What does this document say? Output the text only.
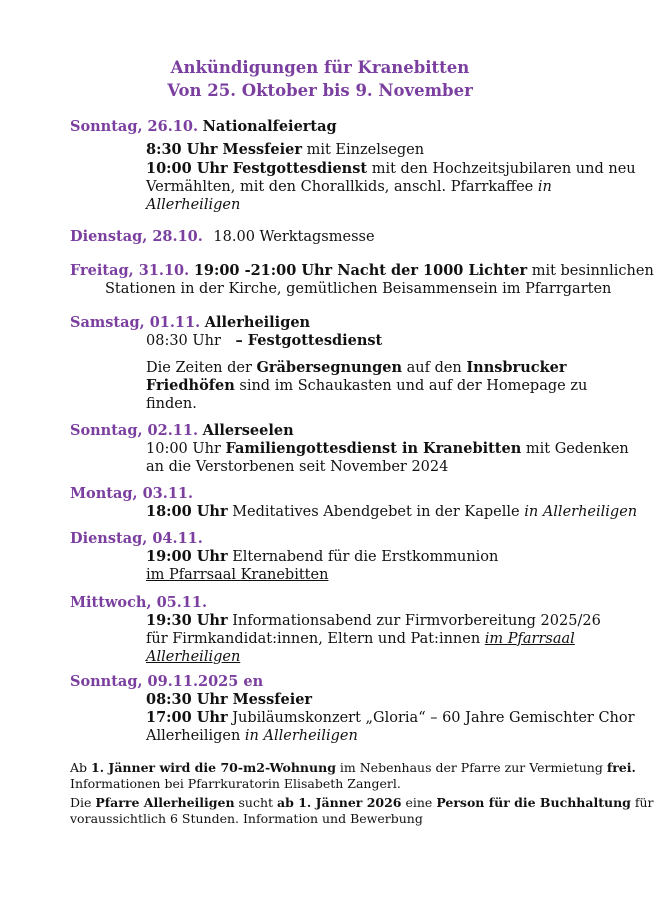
Ankündigungen für Kranebitten
Von 25. Oktober bis 9. November
Sonntag, 26.10. Nationalfeiertag
8:30 Uhr Messfeier mit Einzelsegen
10:00 Uhr Festgottesdienst mit den Hochzeitsjubilaren und neu
Vermählten, mit den Chorallkids, anschl. Pfarrkaffee in
Allerheiligen
Dienstag, 28.10. 18.00 Werktagsmesse
Freitag, 31.10. 19:00 -21:00 Uhr Nacht der 1000 Lichter mit besinnlichen
Stationen in der Kirche, gemütlichen Beisammensein im Pfarrgarten
Samstag, 01.11. Allerheiligen
08:30 Uhr – Festgottesdienst
Die Zeiten der Gräbersegnungen auf den Innsbrucker
Friedhöfen sind im Schaukasten und auf der Homepage zu
finden.
Sonntag, 02.11. Allerseelen
10:00 Uhr Familiengottesdienst in Kranebitten mit Gedenken
an die Verstorbenen seit November 2024
Montag, 03.11.
18:00 Uhr Meditatives Abendgebet in der Kapelle in Allerheiligen
Dienstag, 04.11.
19:00 Uhr Elternabend für die Erstkommunion
im Pfarrsaal Kranebitten
Mittwoch, 05.11.
19:30 Uhr Informationsabend zur Firmvorbereitung 2025/26
für Firmkandidat:innen, Eltern und Pat:innen im Pfarrsaal
Allerheiligen
Sonntag, 09.11.2025 en
08:30 Uhr Messfeier
17:00 Uhr Jubiläumskonzert „Gloria“ – 60 Jahre Gemischter Chor
Allerheiligen in Allerheiligen
Ab 1. Jänner wird die 70-m2-Wohnung im Nebenhaus der Pfarre zur Vermietung frei.
Informationen bei Pfarrkuratorin Elisabeth Zangerl.
Die Pfarre Allerheiligen sucht ab 1. Jänner 2026 eine Person für die Buchhaltung für
voraussichtlich 6 Stunden. Information und Bewerbung
